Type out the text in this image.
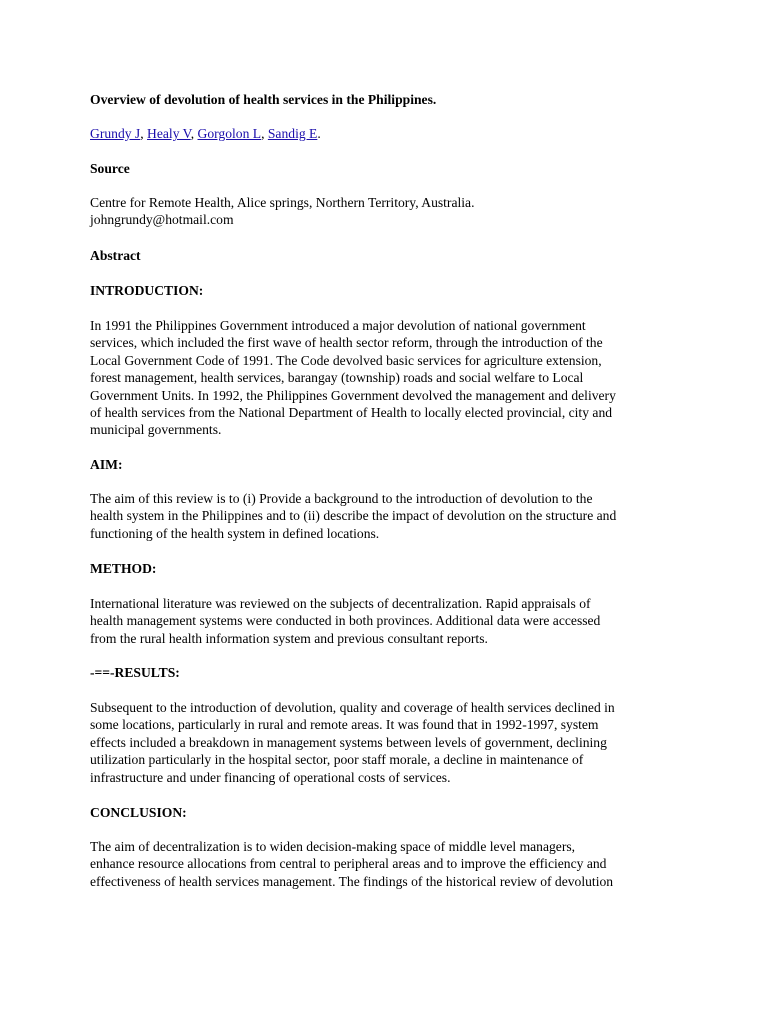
Overview of devolution of health services in the Philippines.

Grundy J, Healy V, Gorgolon L, Sandig E.

Source

Centre for Remote Health, Alice springs, Northern Territory, Australia.
johngrundy@hotmail.com

Abstract

INTRODUCTION:

In 1991 the Philippines Government introduced a major devolution of national government
services, which included the first wave of health sector reform, through the introduction of the
Local Government Code of 1991. The Code devolved basic services for agriculture extension,
forest management, health services, barangay (township) roads and social welfare to Local
Government Units. In 1992, the Philippines Government devolved the management and delivery
of health services from the National Department of Health to locally elected provincial, city and
municipal governments.

AIM:

The aim of this review is to (i) Provide a background to the introduction of devolution to the
health system in the Philippines and to (ii) describe the impact of devolution on the structure and
functioning of the health system in defined locations.

METHOD:

International literature was reviewed on the subjects of decentralization. Rapid appraisals of
health management systems were conducted in both provinces. Additional data were accessed
from the rural health information system and previous consultant reports.

-==-RESULTS:

Subsequent to the introduction of devolution, quality and coverage of health services declined in
some locations, particularly in rural and remote areas. It was found that in 1992-1997, system
effects included a breakdown in management systems between levels of government, declining
utilization particularly in the hospital sector, poor staff morale, a decline in maintenance of
infrastructure and under financing of operational costs of services.

CONCLUSION:

The aim of decentralization is to widen decision-making space of middle level managers,
enhance resource allocations from central to peripheral areas and to improve the efficiency and
effectiveness of health services management. The findings of the historical review of devolution
